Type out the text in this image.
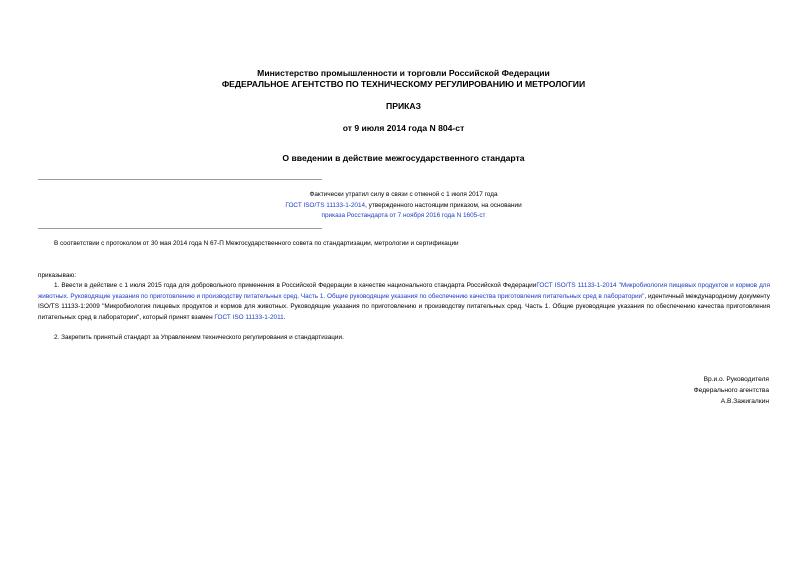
Министерство промышленности и торговли Российской Федерации
ФЕДЕРАЛЬНОЕ АГЕНТСТВО ПО ТЕХНИЧЕСКОМУ РЕГУЛИРОВАНИЮ И МЕТРОЛОГИИ
ПРИКАЗ
от 9 июля 2014 года N 804-ст
О введении в действие межгосударственного стандарта
Фактически утратил силу в связи с отменой с 1 июля 2017 года
ГОСТ ISO/TS 11133-1-2014, утвержденного настоящим приказом, на основании
приказа Росстандарта от 7 ноября 2016 года N 1605-ст
В соответствии с протоколом от 30 мая 2014 года N 67-П Межгосударственного совета по стандартизации, метрологии и сертификации
приказываю:
1. Ввести в действие с 1 июля 2015 года для добровольного применения в Российской Федерации в качестве национального стандарта Российской ФедерацииГОСТ ISO/TS 11133-1-2014 "Микробиология пищевых продуктов и кормов для животных. Руководящие указания по приготовлению и производству питательных сред. Часть 1. Общие руководящие указания по обеспечению качества приготовления питательных сред в лаборатории", идентичный международному документу ISO/TS 11133-1:2009 "Микробиология пищевых продуктов и кормов для животных. Руководящие указания по приготовлению и производству питательных сред. Часть 1. Общие руководящие указания по обеспечению качества приготовления питательных сред в лаборатории", который принят взамен ГОСТ ISO 11133-1-2011.
2. Закрепить принятый стандарт за Управлением технического регулирования и стандартизации.
Вр.и.о. Руководителя
Федерального агентства
А.В.Зажигалкин
